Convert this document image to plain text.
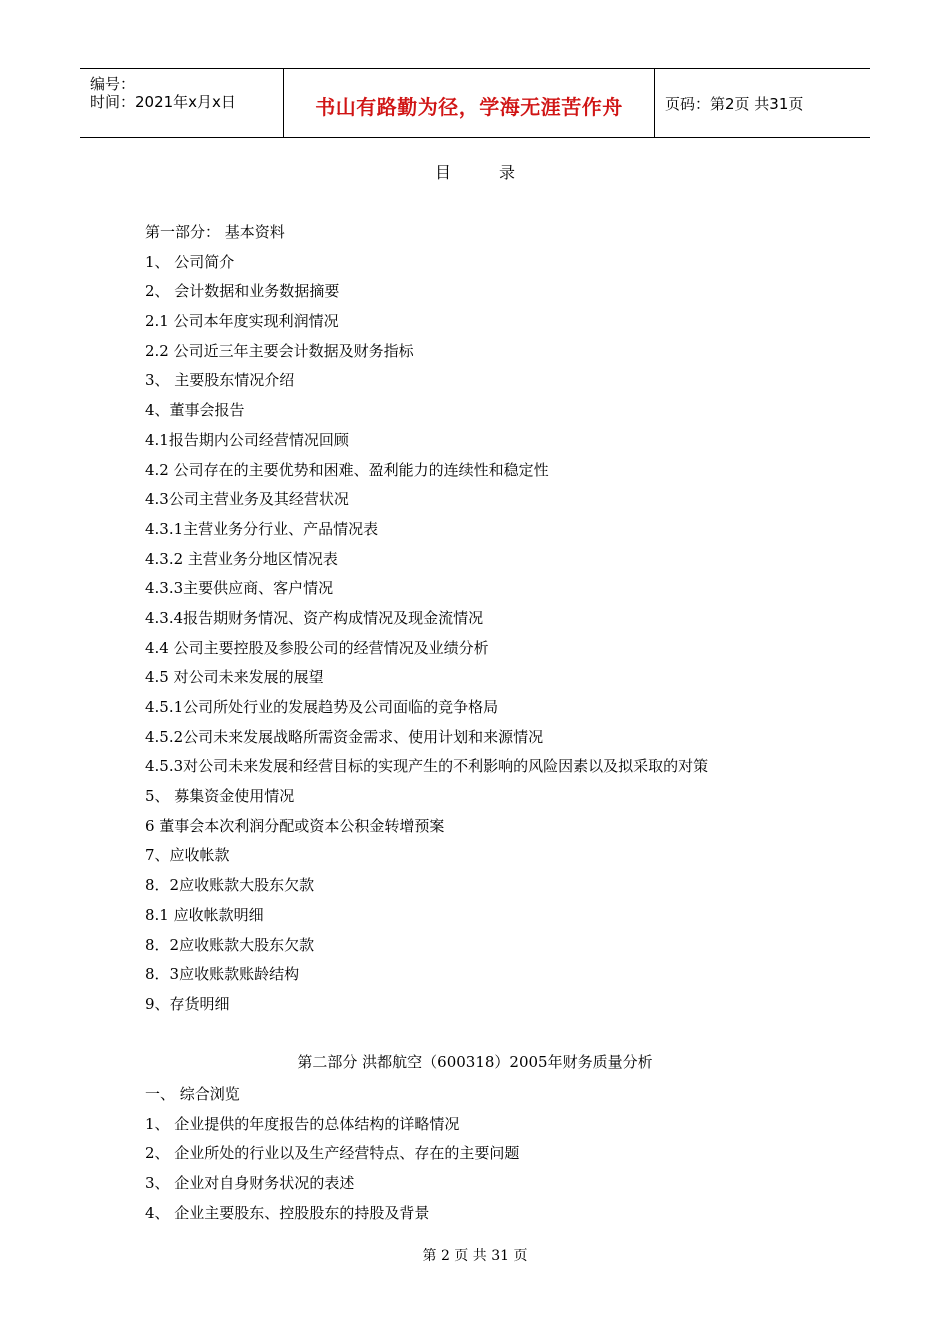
编号：
时间：2021年x月x日	书山有路勤为径，学海无涯苦作舟	页码：第2页 共31页
目	录
第一部分： 基本资料
1、 公司简介
2、 会计数据和业务数据摘要
2.1 公司本年度实现利润情况
2.2 公司近三年主要会计数据及财务指标
3、 主要股东情况介绍
4、董事会报告
4.1报告期内公司经营情况回顾
4.2 公司存在的主要优势和困难、盈利能力的连续性和稳定性
4.3公司主营业务及其经营状况
4.3.1主营业务分行业、产品情况表
4.3.2 主营业务分地区情况表
4.3.3主要供应商、客户情况
4.3.4报告期财务情况、资产构成情况及现金流情况
4.4 公司主要控股及参股公司的经营情况及业绩分析
4.5 对公司未来发展的展望
4.5.1公司所处行业的发展趋势及公司面临的竞争格局
4.5.2公司未来发展战略所需资金需求、使用计划和来源情况
4.5.3对公司未来发展和经营目标的实现产生的不利影响的风险因素以及拟采取的对策
5、 募集资金使用情况
6 董事会本次利润分配或资本公积金转增预案
7、应收帐款
8．2应收账款大股东欠款
8.1 应收帐款明细
8．2应收账款大股东欠款
8．3应收账款账龄结构
9、存货明细
第二部分 洪都航空（600318）2005年财务质量分析
一、 综合浏览
1、 企业提供的年度报告的总体结构的详略情况
2、 企业所处的行业以及生产经营特点、存在的主要问题
3、 企业对自身财务状况的表述
4、 企业主要股东、控股股东的持股及背景
第 2 页 共 31 页
